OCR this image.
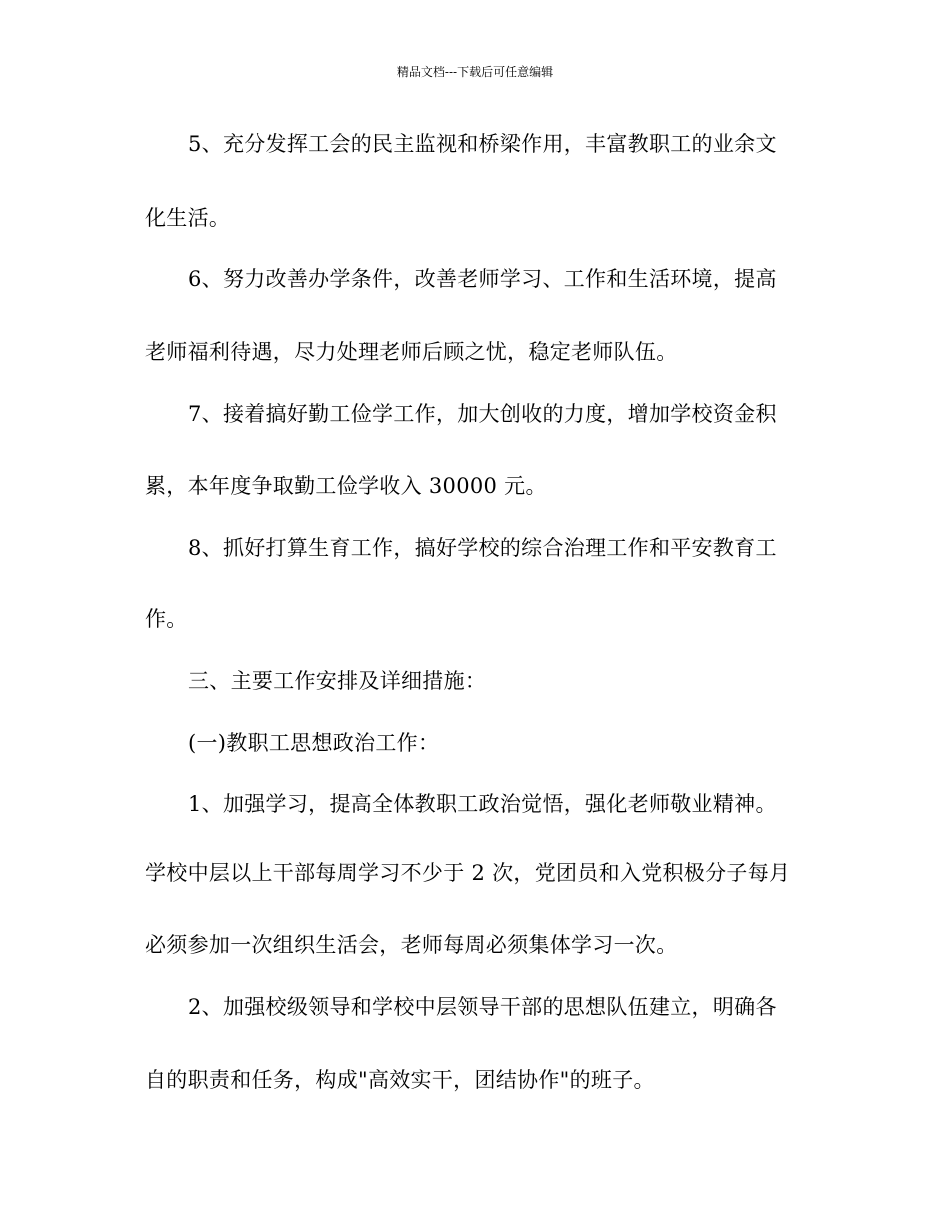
精品文档---下载后可任意编辑
5、充分发挥工会的民主监视和桥梁作用，丰富教职工的业余文
化生活。
6、努力改善办学条件，改善老师学习、工作和生活环境，提高
老师福利待遇，尽力处理老师后顾之忧，稳定老师队伍。
7、接着搞好勤工俭学工作，加大创收的力度，增加学校资金积
累，本年度争取勤工俭学收入 30000 元。
8、抓好打算生育工作，搞好学校的综合治理工作和平安教育工
作。
三、主要工作安排及详细措施：
(一)教职工思想政治工作：
1、加强学习，提高全体教职工政治觉悟，强化老师敬业精神。
学校中层以上干部每周学习不少于 2 次，党团员和入党积极分子每月
必须参加一次组织生活会，老师每周必须集体学习一次。
2、加强校级领导和学校中层领导干部的思想队伍建立，明确各
自的职责和任务，构成"高效实干，团结协作"的班子。
